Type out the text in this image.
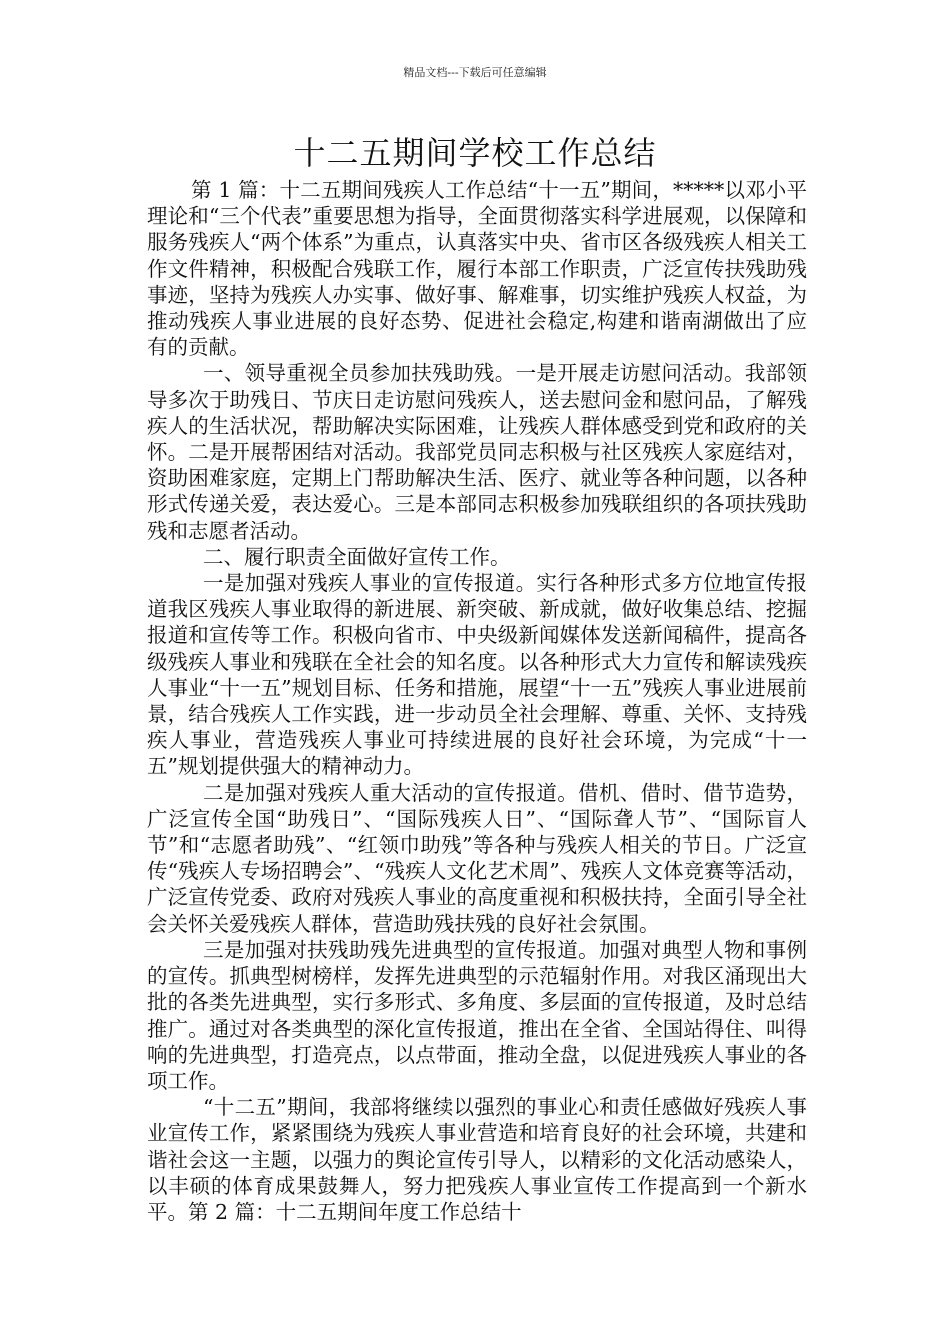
精品文档---下载后可任意编辑
十二五期间学校工作总结

第 1 篇：十二五期间残疾人工作总结“十一五”期间，*****以邓小平理论和“三个代表”重要思想为指导，全面贯彻落实科学进展观，以保障和服务残疾人“两个体系”为重点，认真落实中央、省市区各级残疾人相关工作文件精神，积极配合残联工作，履行本部工作职责，广泛宣传扶残助残事迹，坚持为残疾人办实事、做好事、解难事，切实维护残疾人权益，为推动残疾人事业进展的良好态势、促进社会稳定,构建和谐南湖做出了应有的贡献。

一、领导重视全员参加扶残助残。一是开展走访慰问活动。我部领导多次于助残日、节庆日走访慰问残疾人，送去慰问金和慰问品，了解残疾人的生活状况，帮助解决实际困难，让残疾人群体感受到党和政府的关怀。二是开展帮困结对活动。我部党员同志积极与社区残疾人家庭结对，资助困难家庭，定期上门帮助解决生活、医疗、就业等各种问题，以各种形式传递关爱，表达爱心。三是本部同志积极参加残联组织的各项扶残助残和志愿者活动。

二、履行职责全面做好宣传工作。

一是加强对残疾人事业的宣传报道。实行各种形式多方位地宣传报道我区残疾人事业取得的新进展、新突破、新成就，做好收集总结、挖掘报道和宣传等工作。积极向省市、中央级新闻媒体发送新闻稿件，提高各级残疾人事业和残联在全社会的知名度。以各种形式大力宣传和解读残疾人事业“十一五”规划目标、任务和措施，展望“十一五”残疾人事业进展前景，结合残疾人工作实践，进一步动员全社会理解、尊重、关怀、支持残疾人事业，营造残疾人事业可持续进展的良好社会环境，为完成“十一五”规划提供强大的精神动力。

二是加强对残疾人重大活动的宣传报道。借机、借时、借节造势，广泛宣传全国“助残日”、“国际残疾人日”、“国际聋人节”、“国际盲人节”和“志愿者助残”、“红领巾助残”等各种与残疾人相关的节日。广泛宣传“残疾人专场招聘会”、“残疾人文化艺术周”、残疾人文体竞赛等活动，广泛宣传党委、政府对残疾人事业的高度重视和积极扶持，全面引导全社会关怀关爱残疾人群体，营造助残扶残的良好社会氛围。

三是加强对扶残助残先进典型的宣传报道。加强对典型人物和事例的宣传。抓典型树榜样，发挥先进典型的示范辐射作用。对我区涌现出大批的各类先进典型，实行多形式、多角度、多层面的宣传报道，及时总结推广。通过对各类典型的深化宣传报道，推出在全省、全国站得住、叫得响的先进典型，打造亮点，以点带面，推动全盘，以促进残疾人事业的各项工作。

“十二五”期间，我部将继续以强烈的事业心和责任感做好残疾人事业宣传工作，紧紧围绕为残疾人事业营造和培育良好的社会环境，共建和谐社会这一主题，以强力的舆论宣传引导人，以精彩的文化活动感染人，以丰硕的体育成果鼓舞人，努力把残疾人事业宣传工作提高到一个新水平。第 2 篇：十二五期间年度工作总结十
